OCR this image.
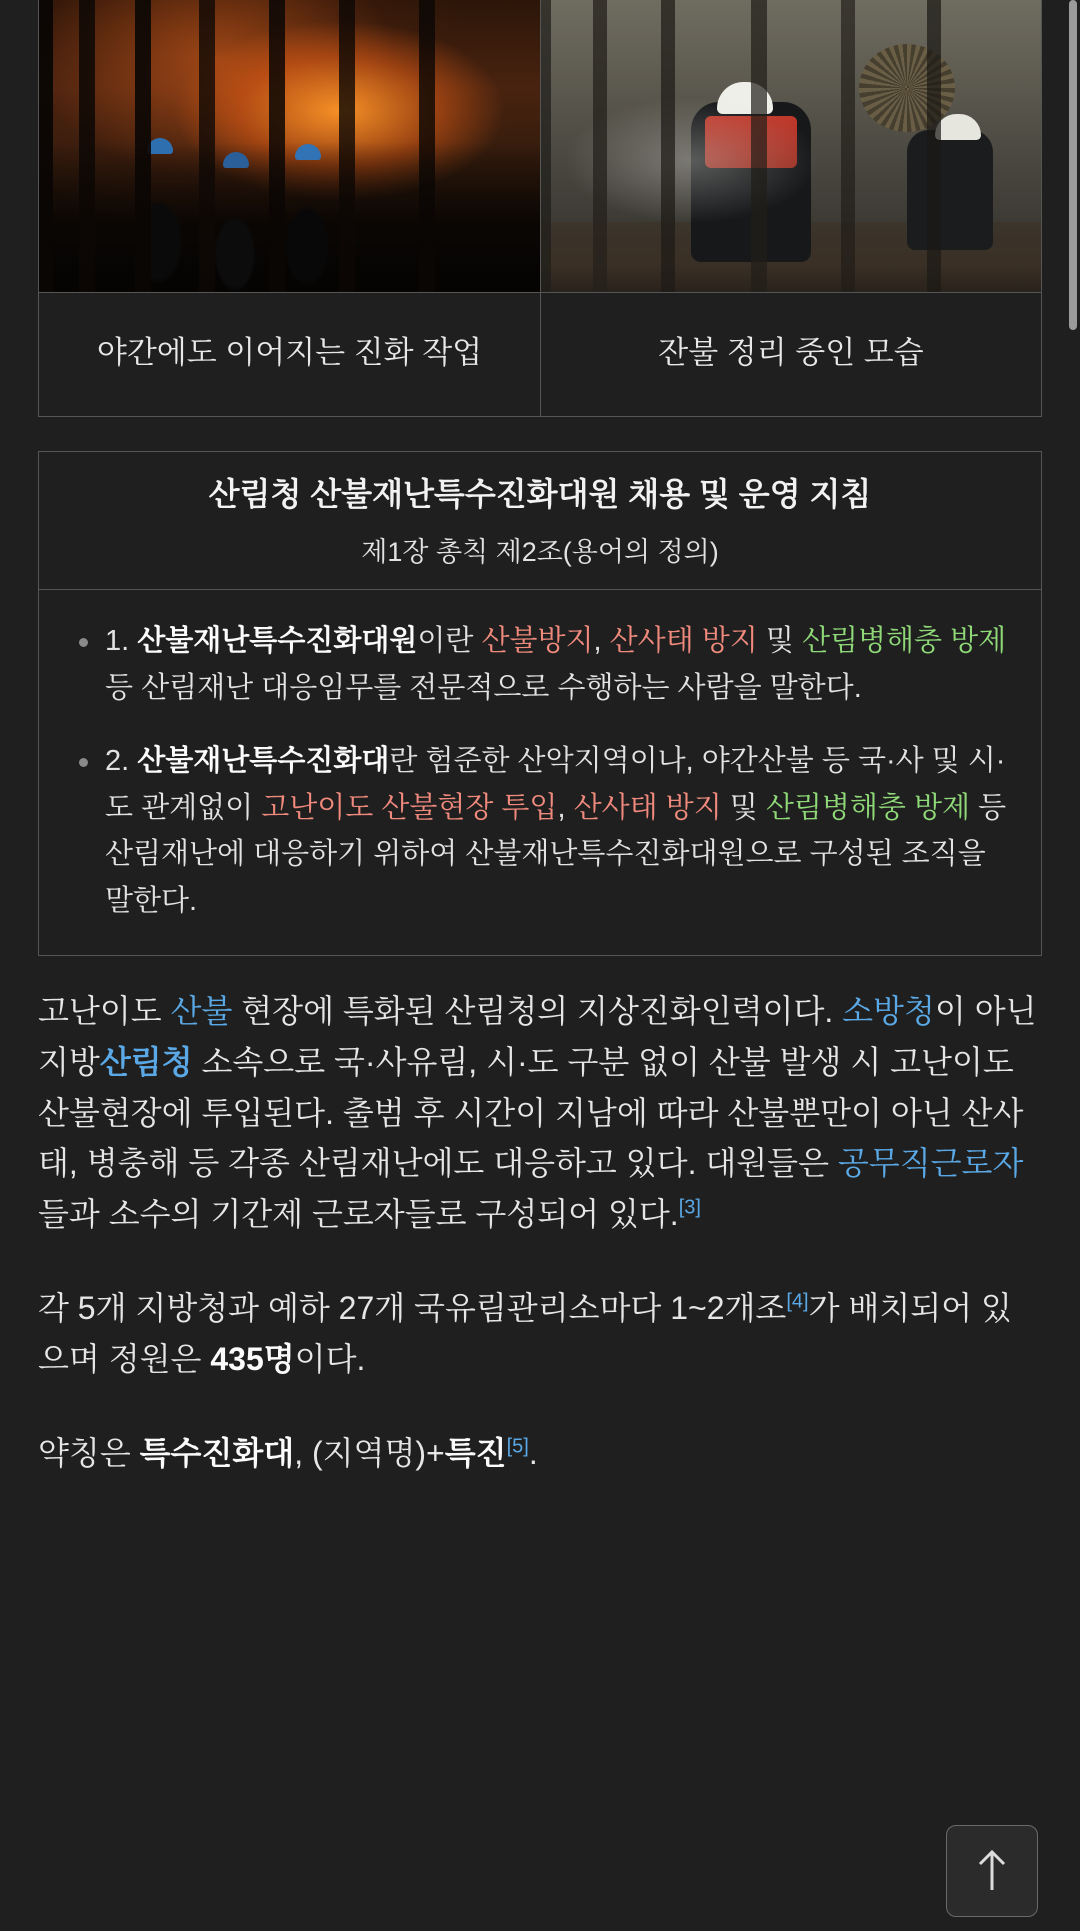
야간에도 이어지는 진화 작업	잔불 정리 중인 모습
산림청 산불재난특수진화대원 채용 및 운영 지침
제1장 총칙 제2조(용어의 정의)
1. 산불재난특수진화대원이란 산불방지, 산사태 방지 및 산림병해충 방제 등 산림재난 대응임무를 전문적으로 수행하는 사람을 말한다.
2. 산불재난특수진화대란 험준한 산악지역이나, 야간산불 등 국·사 및 시·도 관계없이 고난이도 산불현장 투입, 산사태 방지 및 산림병해충 방제 등 산림재난에 대응하기 위하여 산불재난특수진화대원으로 구성된 조직을 말한다.

고난이도 산불 현장에 특화된 산림청의 지상진화인력이다. 소방청이 아닌 지방산림청 소속으로 국·사유림, 시·도 구분 없이 산불 발생 시 고난이도 산불현장에 투입된다. 출범 후 시간이 지남에 따라 산불뿐만이 아닌 산사태, 병충해 등 각종 산림재난에도 대응하고 있다. 대원들은 공무직근로자들과 소수의 기간제 근로자들로 구성되어 있다.[3]

각 5개 지방청과 예하 27개 국유림관리소마다 1~2개조[4]가 배치되어 있으며 정원은 435명이다.

약칭은 특수진화대, (지역명)+특진[5].
